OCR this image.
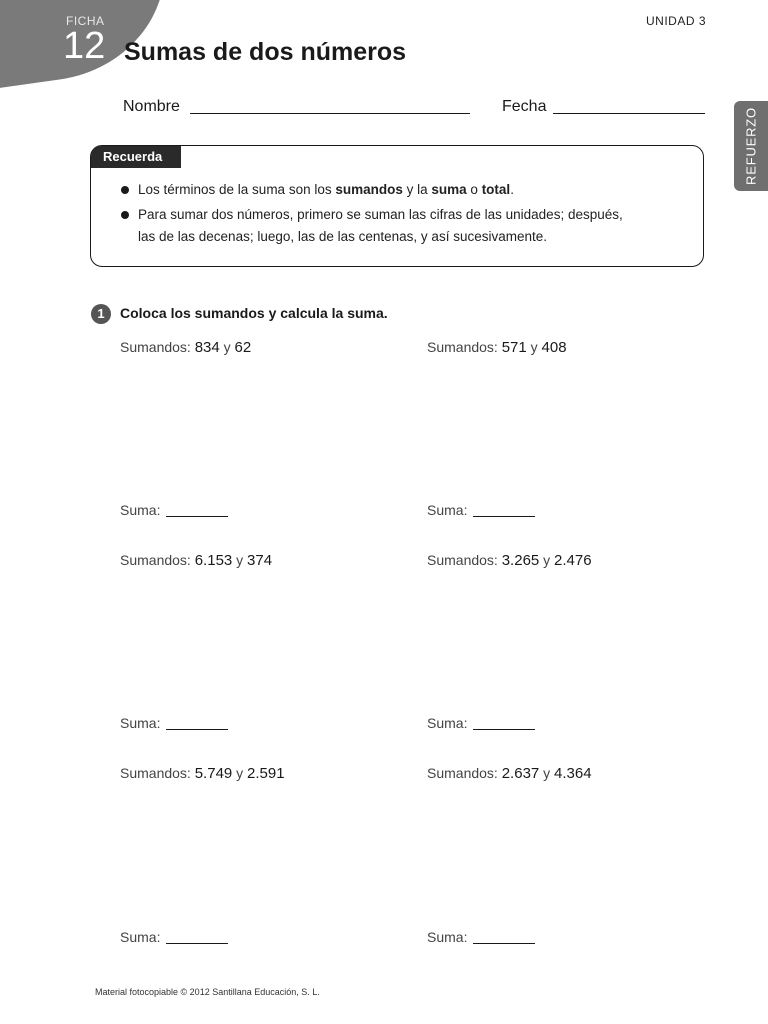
FICHA
12 Sumas de dos números
UNIDAD 3
REFUERZO
Nombre	Fecha
Recuerda
Los términos de la suma son los sumandos y la suma o total.
Para sumar dos números, primero se suman las cifras de las unidades; después,
las de las decenas; luego, las de las centenas, y así sucesivamente.
1	Coloca los sumandos y calcula la suma.
Sumandos: 834 y 62	Sumandos: 571 y 408
Suma:	Suma:
Sumandos: 6.153 y 374	Sumandos: 3.265 y 2.476
Suma:	Suma:
Sumandos: 5.749 y 2.591	Sumandos: 2.637 y 4.364
Suma:	Suma:
Material fotocopiable © 2012 Santillana Educación, S. L.
